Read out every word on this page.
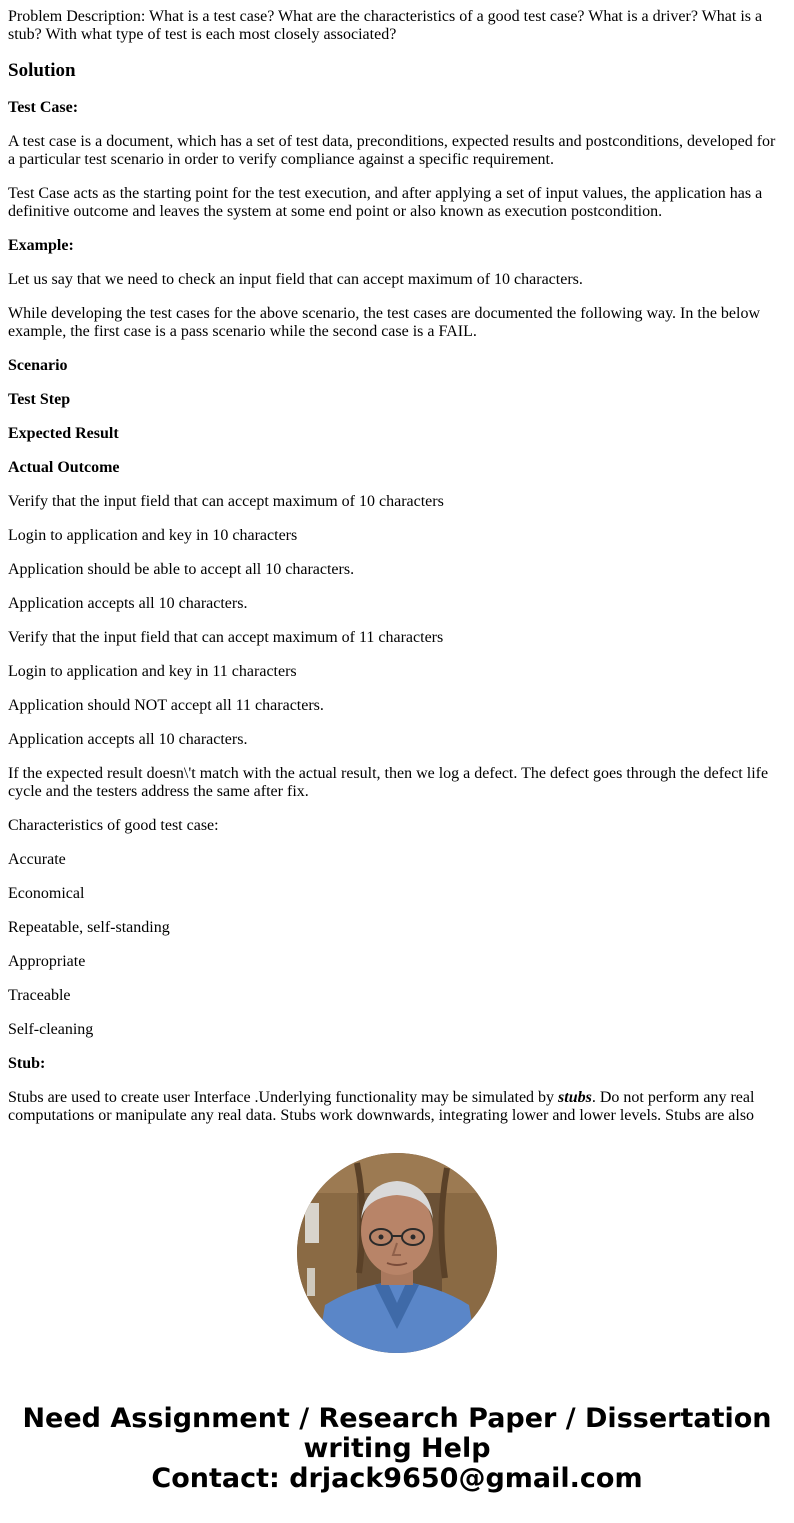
Problem Description: What is a test case? What are the characteristics of a good test case? What is a driver? What is a stub? With what type of test is each most closely associated?

Solution

Test Case:

A test case is a document, which has a set of test data, preconditions, expected results and postconditions, developed for a particular test scenario in order to verify compliance against a specific requirement.

Test Case acts as the starting point for the test execution, and after applying a set of input values, the application has a definitive outcome and leaves the system at some end point or also known as execution postcondition.

Example:

Let us say that we need to check an input field that can accept maximum of 10 characters.

While developing the test cases for the above scenario, the test cases are documented the following way. In the below example, the first case is a pass scenario while the second case is a FAIL.

Scenario

Test Step

Expected Result

Actual Outcome

Verify that the input field that can accept maximum of 10 characters

Login to application and key in 10 characters

Application should be able to accept all 10 characters.

Application accepts all 10 characters.

Verify that the input field that can accept maximum of 11 characters

Login to application and key in 11 characters

Application should NOT accept all 11 characters.

Application accepts all 10 characters.

If the expected result doesn\'t match with the actual result, then we log a defect. The defect goes through the defect life cycle and the testers address the same after fix.

Characteristics of good test case:

Accurate

Economical

Repeatable, self-standing

Appropriate

Traceable

Self-cleaning

Stub:

Stubs are used to create user Interface .Underlying functionality may be simulated by stubs. Do not perform any real computations or manipulate any real data. Stubs work downwards, integrating lower and lower levels. Stubs are also

Need Assignment / Research Paper / Dissertation
writing Help
Contact: drjack9650@gmail.com
